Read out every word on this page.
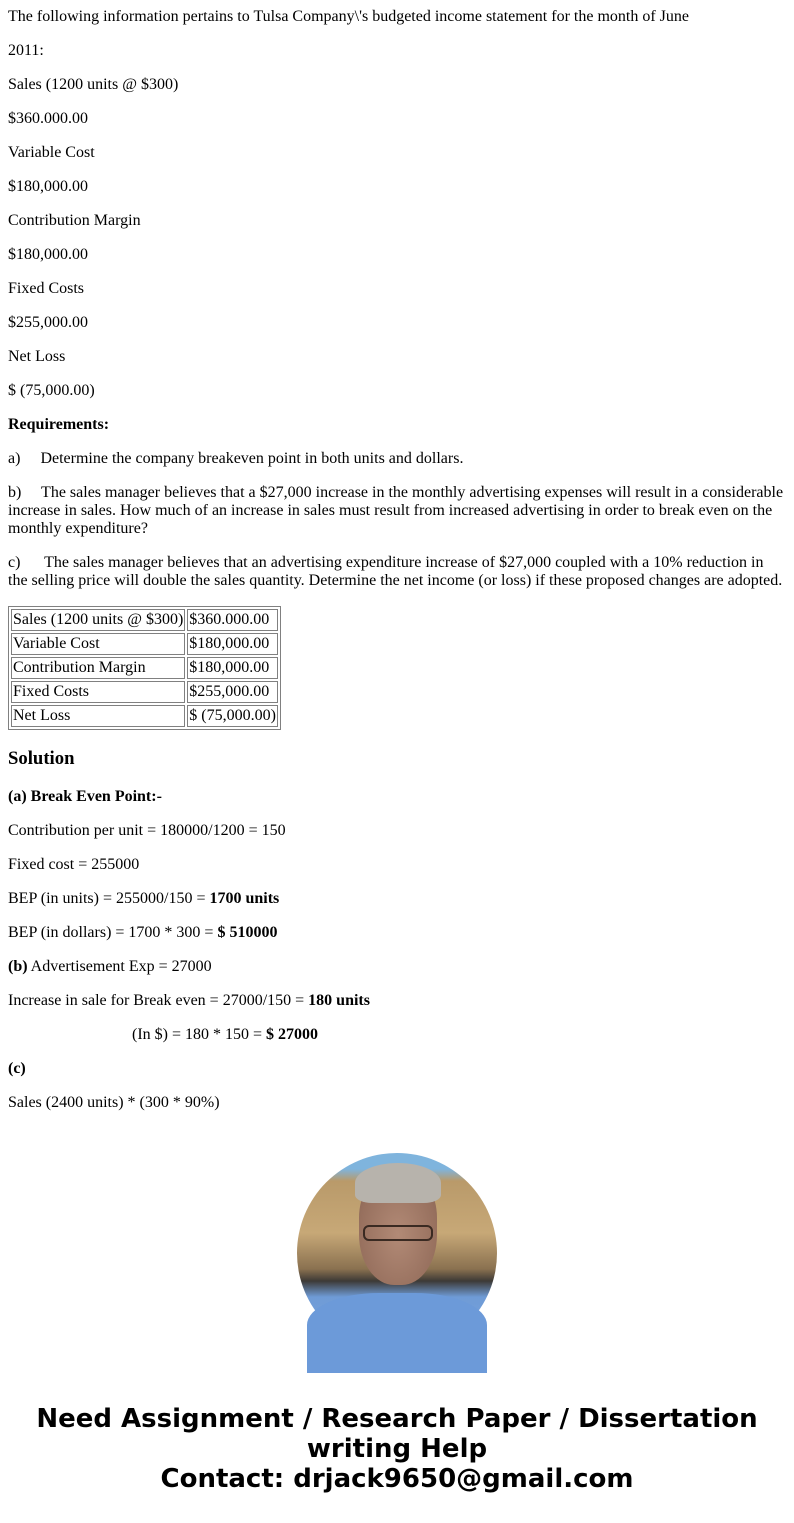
The following information pertains to Tulsa Company\'s budgeted income statement for the month of June

2011:

Sales (1200 units @ $300)

$360.000.00

Variable Cost

$180,000.00

Contribution Margin

$180,000.00

Fixed Costs

$255,000.00

Net Loss

$ (75,000.00)

Requirements:

a) Determine the company breakeven point in both units and dollars.

b) The sales manager believes that a $27,000 increase in the monthly advertising expenses will result in a considerable increase in sales. How much of an increase in sales must result from increased advertising in order to break even on the monthly expenditure?

c) The sales manager believes that an advertising expenditure increase of $27,000 coupled with a 10% reduction in the selling price will double the sales quantity. Determine the net income (or loss) if these proposed changes are adopted.

Sales (1200 units @ $300)	$360.000.00
Variable Cost	$180,000.00
Contribution Margin	$180,000.00
Fixed Costs	$255,000.00
Net Loss	$ (75,000.00)
Solution

(a) Break Even Point:-

Contribution per unit = 180000/1200 = 150

Fixed cost = 255000

BEP (in units) = 255000/150 = 1700 units

BEP (in dollars) = 1700 * 300 = $ 510000

(b) Advertisement Exp = 27000

Increase in sale for Break even = 27000/150 = 180 units

(In $) = 180 * 150 = $ 27000

(c)

Sales (2400 units) * (300 * 90%)

Need Assignment / Research Paper / Dissertation
writing Help
Contact: drjack9650@gmail.com
